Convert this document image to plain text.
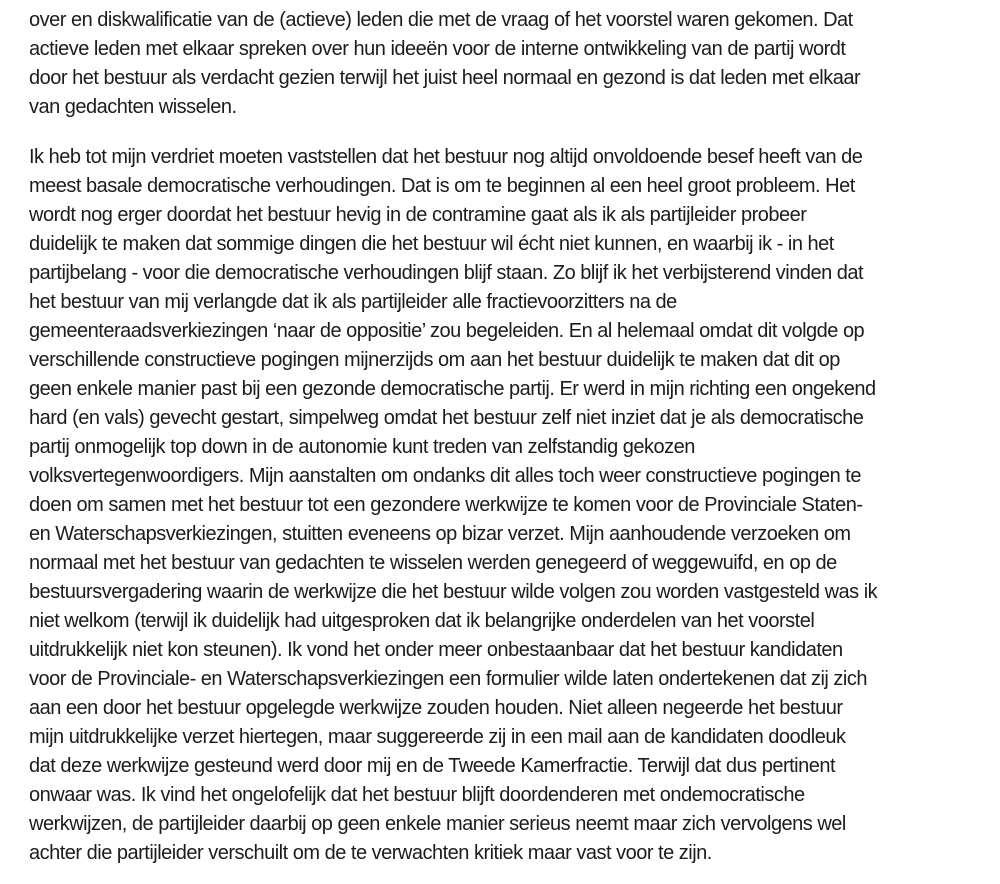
over en diskwalificatie van de (actieve) leden die met de vraag of het voorstel waren gekomen. Dat
actieve leden met elkaar spreken over hun ideeën voor de interne ontwikkeling van de partij wordt
door het bestuur als verdacht gezien terwijl het juist heel normaal en gezond is dat leden met elkaar
van gedachten wisselen.

Ik heb tot mijn verdriet moeten vaststellen dat het bestuur nog altijd onvoldoende besef heeft van de
meest basale democratische verhoudingen. Dat is om te beginnen al een heel groot probleem. Het
wordt nog erger doordat het bestuur hevig in de contramine gaat als ik als partijleider probeer
duidelijk te maken dat sommige dingen die het bestuur wil écht niet kunnen, en waarbij ik - in het
partijbelang - voor die democratische verhoudingen blijf staan. Zo blijf ik het verbijsterend vinden dat
het bestuur van mij verlangde dat ik als partijleider alle fractievoorzitters na de
gemeenteraadsverkiezingen ‘naar de oppositie’ zou begeleiden. En al helemaal omdat dit volgde op
verschillende constructieve pogingen mijnerzijds om aan het bestuur duidelijk te maken dat dit op
geen enkele manier past bij een gezonde democratische partij. Er werd in mijn richting een ongekend
hard (en vals) gevecht gestart, simpelweg omdat het bestuur zelf niet inziet dat je als democratische
partij onmogelijk top down in de autonomie kunt treden van zelfstandig gekozen
volksvertegenwoordigers. Mijn aanstalten om ondanks dit alles toch weer constructieve pogingen te
doen om samen met het bestuur tot een gezondere werkwijze te komen voor de Provinciale Staten-
en Waterschapsverkiezingen, stuitten eveneens op bizar verzet. Mijn aanhoudende verzoeken om
normaal met het bestuur van gedachten te wisselen werden genegeerd of weggewuifd, en op de
bestuursvergadering waarin de werkwijze die het bestuur wilde volgen zou worden vastgesteld was ik
niet welkom (terwijl ik duidelijk had uitgesproken dat ik belangrijke onderdelen van het voorstel
uitdrukkelijk niet kon steunen). Ik vond het onder meer onbestaanbaar dat het bestuur kandidaten
voor de Provinciale- en Waterschapsverkiezingen een formulier wilde laten ondertekenen dat zij zich
aan een door het bestuur opgelegde werkwijze zouden houden. Niet alleen negeerde het bestuur
mijn uitdrukkelijke verzet hiertegen, maar suggereerde zij in een mail aan de kandidaten doodleuk
dat deze werkwijze gesteund werd door mij en de Tweede Kamerfractie. Terwijl dat dus pertinent
onwaar was. Ik vind het ongelofelijk dat het bestuur blijft doordenderen met ondemocratische
werkwijzen, de partijleider daarbij op geen enkele manier serieus neemt maar zich vervolgens wel
achter die partijleider verschuilt om de te verwachten kritiek maar vast voor te zijn.
